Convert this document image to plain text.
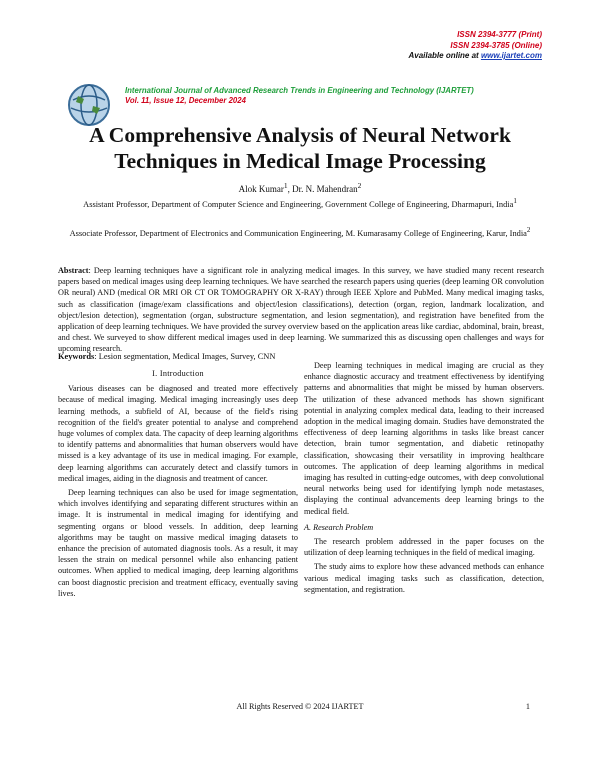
ISSN 2394-3777 (Print)
ISSN 2394-3785 (Online)
Available online at www.ijartet.com
International Journal of Advanced Research Trends in Engineering and Technology (IJARTET)
Vol. 11, Issue 12, December 2024
A Comprehensive Analysis of Neural Network
Techniques in Medical Image Processing
Alok Kumar$^1$, Dr. N. Mahendran$^2$
Assistant Professor, Department of Computer Science and Engineering, Government College of Engineering, Dharmapuri, India$^1$
Associate Professor, Department of Electronics and Communication Engineering, M. Kumarasamy College of Engineering, Karur, India$^2$

Abstract: Deep learning techniques have a significant role in analyzing medical images. In this survey, we have studied many recent research papers based on medical images using deep learning techniques. We have searched the research papers using queries (deep learning OR convolution OR neural) AND (medical OR MRI OR CT OR TOMOGRAPHY OR X-RAY) through IEEE Xplore and PubMed. Many medical imaging tasks, such as classification (image/exam classifications and object/lesion classifications), detection (organ, region, landmark localization, and object/lesion detection), segmentation (organ, substructure segmentation, and lesion segmentation), and registration have benefited from the application of deep learning techniques. We have provided the survey overview based on the application areas like cardiac, abdominal, brain, breast, and chest. We surveyed to show different medical images used in deep learning. We summarized this as discussing open challenges and ways for upcoming research.

Keywords: Lesion segmentation, Medical Images, Survey, CNN
I. Introduction

Various diseases can be diagnosed and treated more effectively because of medical imaging. Medical imaging increasingly uses deep learning methods, a subfield of AI, because of the field's rising recognition of the field's greater potential to analyse and comprehend huge volumes of complex data. The capacity of deep learning algorithms to identify patterns and abnormalities that human observers would have missed is a key advantage of its use in medical imaging. For example, deep learning algorithms can accurately detect and classify tumors in medical images, aiding in the diagnosis and treatment of cancer.

Deep learning techniques can also be used for image segmentation, which involves identifying and separating different structures within an image. It is instrumental in medical imaging for identifying and segmenting organs or blood vessels. In addition, deep learning algorithms may be taught on massive medical imaging datasets to enhance the precision of automated diagnosis tools. As a result, it may lessen the strain on medical personnel while also enhancing patient outcomes. When applied to medical imaging, deep learning algorithms can boost diagnostic precision and treatment efficacy, eventually saving lives.

Deep learning techniques in medical imaging are crucial as they enhance diagnostic accuracy and treatment effectiveness by identifying patterns and abnormalities that might be missed by human observers. The utilization of these advanced methods has shown significant potential in analyzing complex medical data, leading to their increased adoption in the medical imaging domain. Studies have demonstrated the effectiveness of deep learning algorithms in tasks like breast cancer detection, brain tumor segmentation, and diabetic retinopathy classification, showcasing their versatility in improving healthcare outcomes. The application of deep learning algorithms in medical imaging has resulted in cutting-edge outcomes, with deep convolutional neural networks being used for identifying lymph node metastases, displaying the continual advancements deep learning brings to the medical field.

A. Research Problem

The research problem addressed in the paper focuses on the utilization of deep learning techniques in the field of medical imaging.

The study aims to explore how these advanced methods can enhance various medical imaging tasks such as classification, detection, segmentation, and registration.

All Rights Reserved © 2024 IJARTET	1
